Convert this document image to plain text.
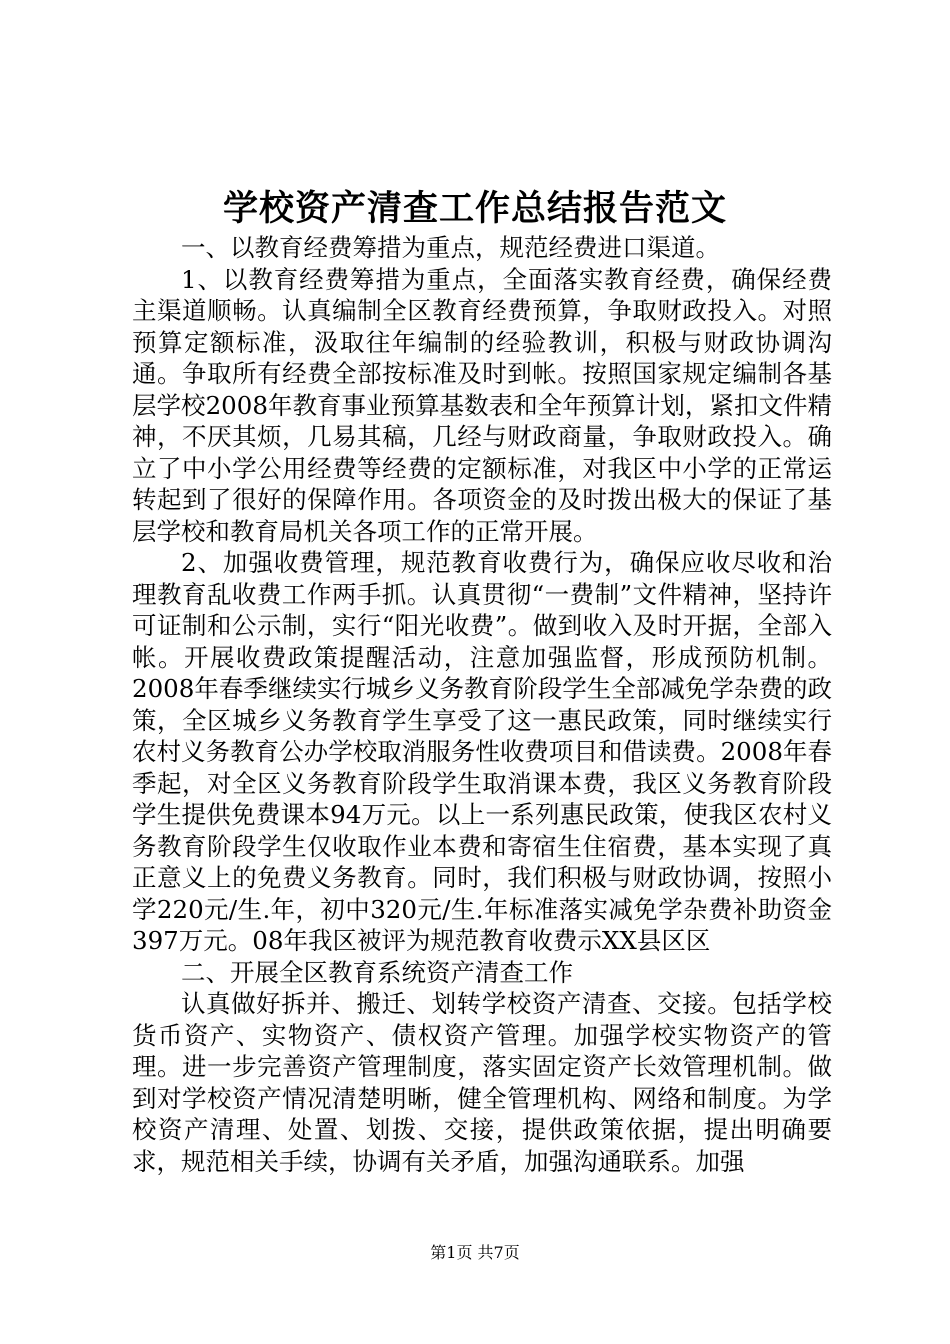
学校资产清查工作总结报告范文

一、以教育经费筹措为重点，规范经费进口渠道。

1、以教育经费筹措为重点，全面落实教育经费，确保经费主渠道顺畅。认真编制全区教育经费预算，争取财政投入。对照预算定额标准，汲取往年编制的经验教训，积极与财政协调沟通。争取所有经费全部按标准及时到帐。按照国家规定编制各基层学校2008年教育事业预算基数表和全年预算计划，紧扣文件精神，不厌其烦，几易其稿，几经与财政商量，争取财政投入。确立了中小学公用经费等经费的定额标准，对我区中小学的正常运转起到了很好的保障作用。各项资金的及时拨出极大的保证了基层学校和教育局机关各项工作的正常开展。

2、加强收费管理，规范教育收费行为，确保应收尽收和治理教育乱收费工作两手抓。认真贯彻“一费制”文件精神，坚持许可证制和公示制，实行“阳光收费”。做到收入及时开据，全部入帐。开展收费政策提醒活动，注意加强监督，形成预防机制。2008年春季继续实行城乡义务教育阶段学生全部减免学杂费的政策，全区城乡义务教育学生享受了这一惠民政策，同时继续实行农村义务教育公办学校取消服务性收费项目和借读费。2008年春季起，对全区义务教育阶段学生取消课本费，我区义务教育阶段学生提供免费课本94万元。以上一系列惠民政策，使我区农村义务教育阶段学生仅收取作业本费和寄宿生住宿费，基本实现了真正意义上的免费义务教育。同时，我们积极与财政协调，按照小学220元/生.年，初中320元/生.年标准落实减免学杂费补助资金397万元。08年我区被评为规范教育收费示XX县区区

二、开展全区教育系统资产清查工作

认真做好拆并、搬迁、划转学校资产清查、交接。包括学校货币资产、实物资产、债权资产管理。加强学校实物资产的管理。进一步完善资产管理制度，落实固定资产长效管理机制。做到对学校资产情况清楚明晰，健全管理机构、网络和制度。为学校资产清理、处置、划拨、交接，提供政策依据，提出明确要求，规范相关手续，协调有关矛盾，加强沟通联系。加强

第1页 共7页
